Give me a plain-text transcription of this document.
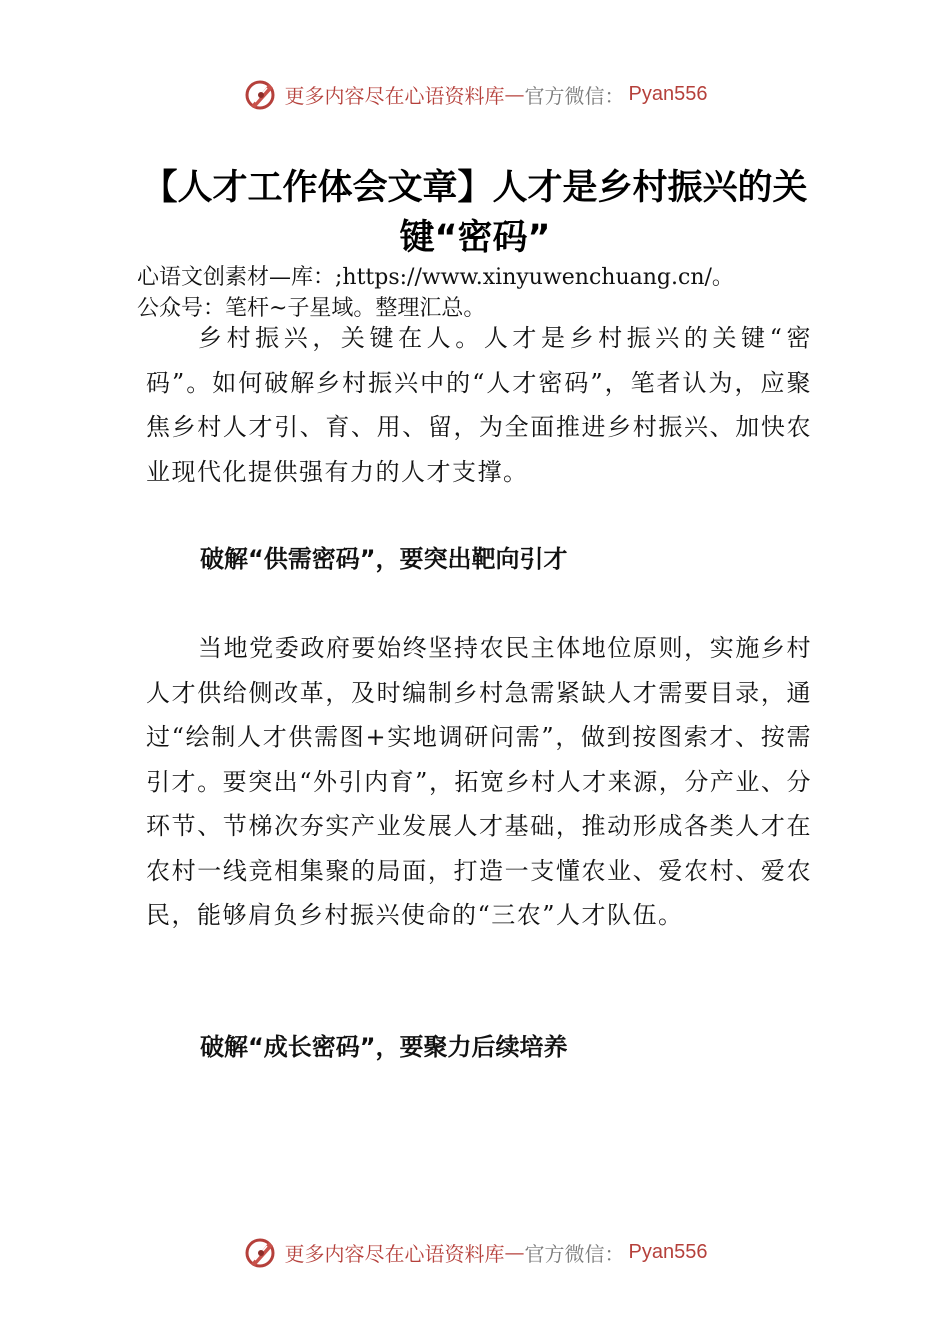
更多内容尽在心语资料库 — 官方微信： Pyan556
【人才工作体会文章】人才是乡村振兴的关键“密码”
心语文创素材—库：;https://www.xinyuwenchuang.cn/。
公众号：笔杆~子星域。整理汇总。

乡村振兴，关键在人。人才是乡村振兴的关键“密码”。如何破解乡村振兴中的“人才密码”，笔者认为，应聚焦乡村人才引、育、用、留，为全面推进乡村振兴、加快农业现代化提供强有力的人才支撑。

破解“供需密码”，要突出靶向引才

当地党委政府要始终坚持农民主体地位原则，实施乡村人才供给侧改革，及时编制乡村急需紧缺人才需要目录，通过“绘制人才供需图+实地调研问需”，做到按图索才、按需引才。要突出“外引内育”，拓宽乡村人才来源，分产业、分环节、节梯次夯实产业发展人才基础，推动形成各类人才在农村一线竞相集聚的局面，打造一支懂农业、爱农村、爱农民，能够肩负乡村振兴使命的“三农”人才队伍。

破解“成长密码”，要聚力后续培养
更多内容尽在心语资料库 — 官方微信： Pyan556
